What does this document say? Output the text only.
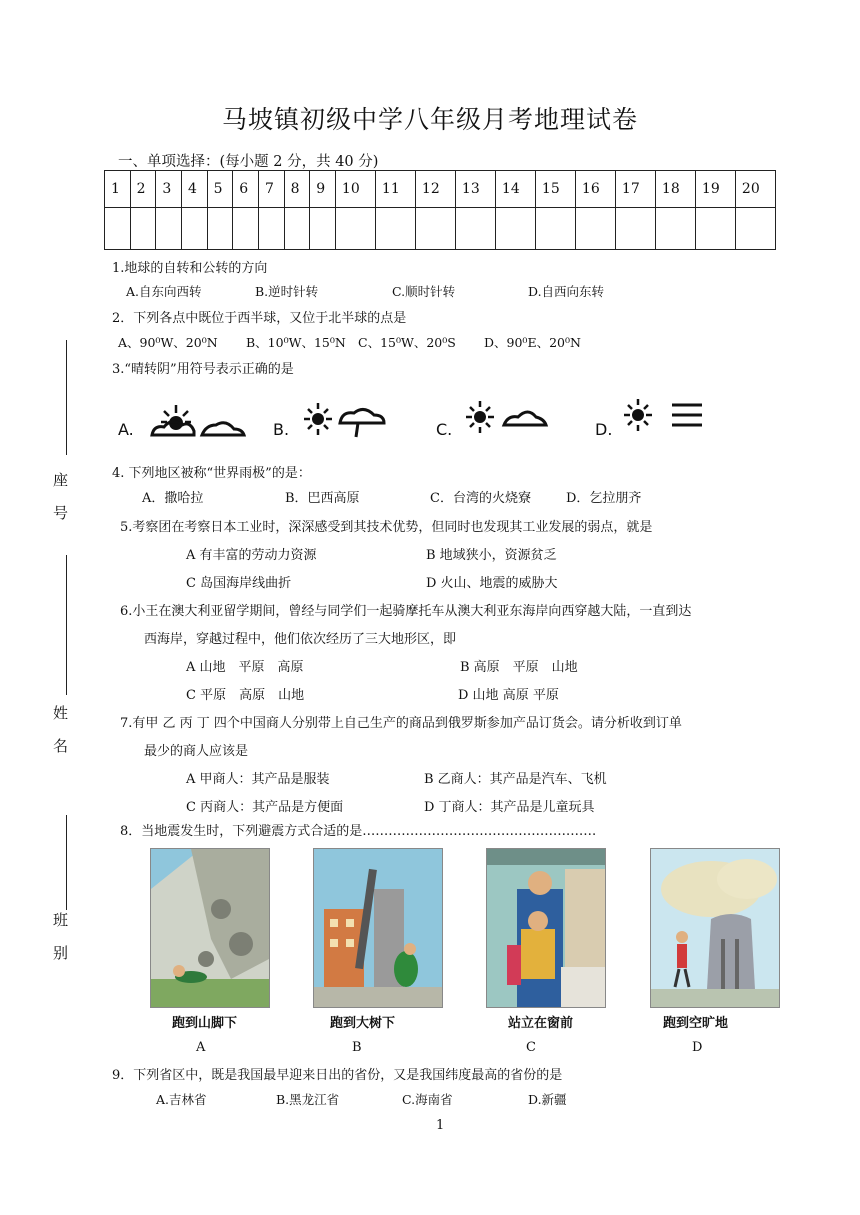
马坡镇初级中学八年级月考地理试卷
一、单项选择：(每小题 2 分，共 40 分)
1	2	3	4	5	6	7	8	9	10	11	12	13	14	15	16	17	18	19	20

座号
姓名
班别
1.地球的自转和公转的方向
A.自东向西转	B.逆时针转	C.顺时针转	D.自西向东转
2．下列各点中既位于西半球，又位于北半球的点是
A、90⁰W、20⁰N B、10⁰W、15⁰N C、15⁰W、20⁰S D、90⁰E、20⁰N
3.“晴转阴”用符号表示正确的是
A.	B.	C.	D.
4. 下列地区被称“世界雨极”的是：
A．撒哈拉	B．巴西高原	C．台湾的火烧寮	D．乞拉朋齐
5.考察团在考察日本工业时，深深感受到其技术优势，但同时也发现其工业发展的弱点，就是
A 有丰富的劳动力资源	B 地域狭小，资源贫乏
C 岛国海岸线曲折	D 火山、地震的威胁大
6.小王在澳大利亚留学期间，曾经与同学们一起骑摩托车从澳大利亚东海岸向西穿越大陆，一直到达
西海岸，穿越过程中，他们依次经历了三大地形区，即
A 山地　平原　高原	B 高原　平原　山地
C 平原　高原　山地	D 山地 高原 平原
7.有甲 乙 丙 丁 四个中国商人分别带上自己生产的商品到俄罗斯参加产品订货会。请分析收到订单
最少的商人应该是
A 甲商人：其产品是服装	B 乙商人：其产品是汽车、飞机
C 丙商人：其产品是方便面	D 丁商人：其产品是儿童玩具
8．当地震发生时，下列避震方式合适的是………………………………………………
跑到山脚下	跑到大树下	站立在窗前	跑到空旷地
A	B	C	D
9．下列省区中，既是我国最早迎来日出的省份，又是我国纬度最高的省份的是
A.吉林省	B.黑龙江省	C.海南省	D.新疆
1
